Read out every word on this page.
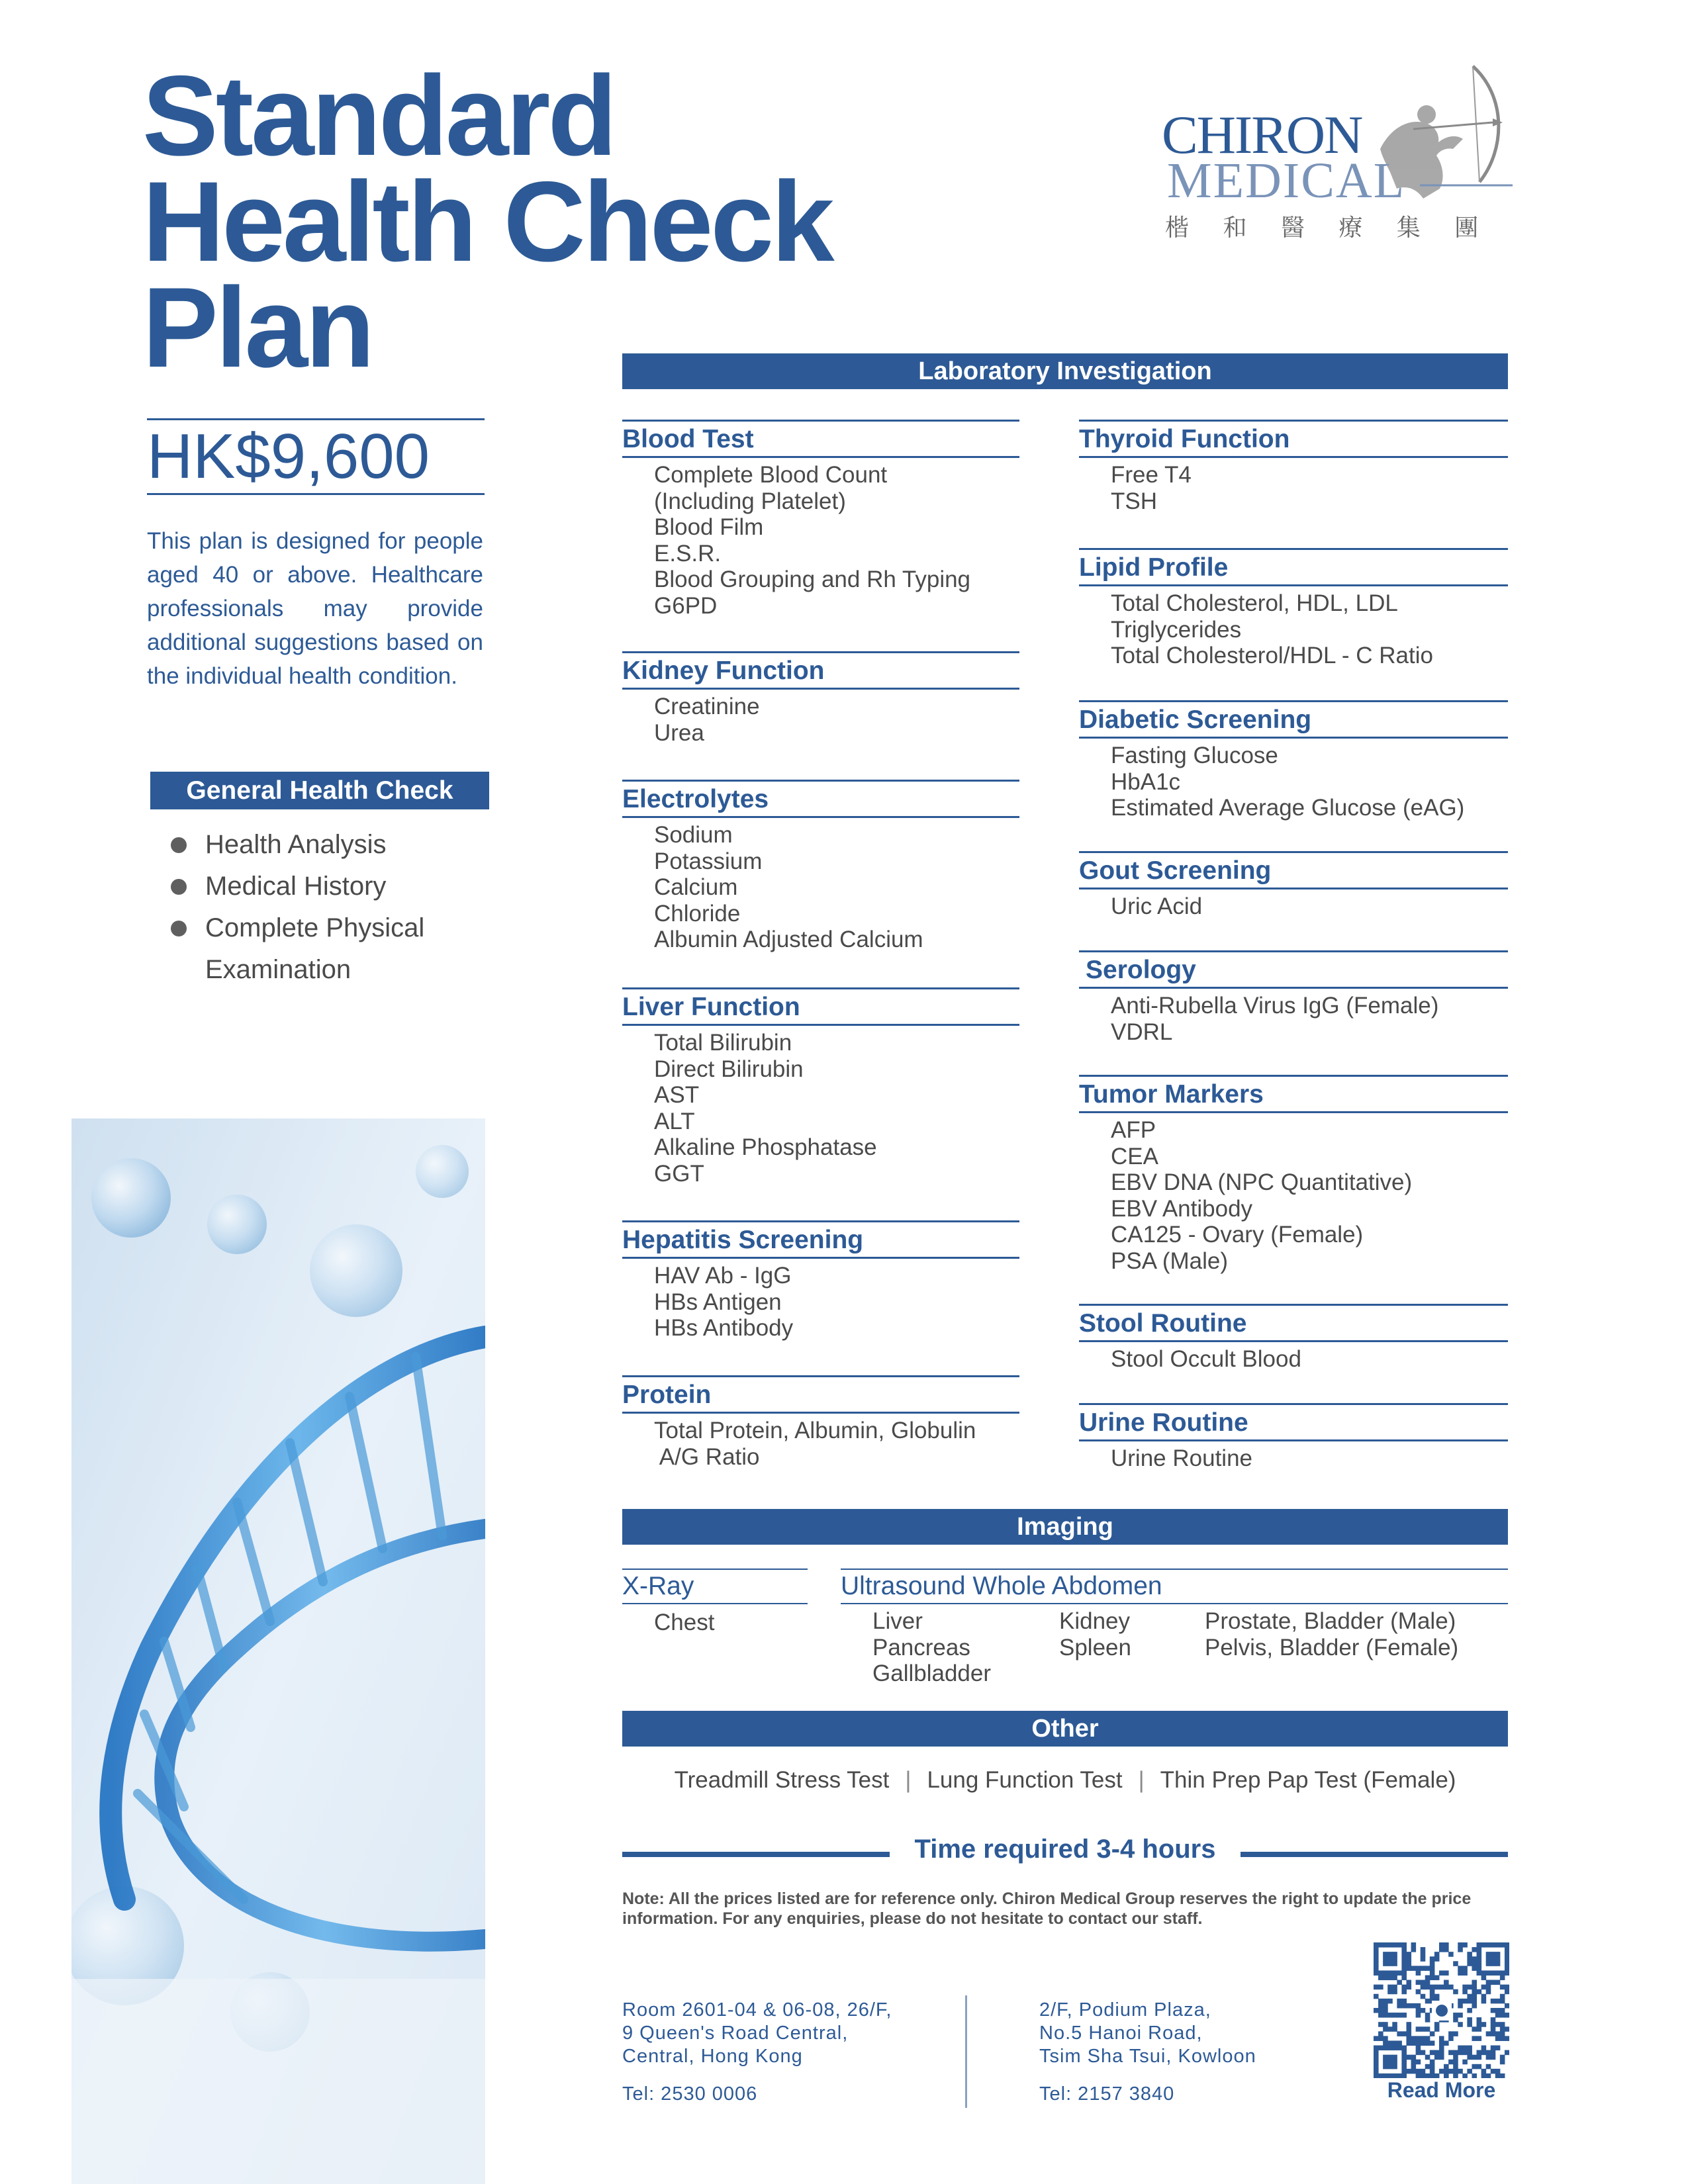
Standard
Health Check
Plan
CHIRON
MEDICAL
楷 和 醫 療 集 團
HK$9,600
This plan is designed for people aged 40 or above. Healthcare professionals may provide additional suggestions based on the individual health condition.
General Health Check
Health Analysis
Medical History
Complete Physical
Examination
Laboratory Investigation
Blood Test
Complete Blood Count
(Including Platelet)
Blood Film
E.S.R.
Blood Grouping and Rh Typing
G6PD
Kidney Function
Creatinine
Urea
Electrolytes
Sodium
Potassium
Calcium
Chloride
Albumin Adjusted Calcium
Liver Function
Total Bilirubin
Direct Bilirubin
AST
ALT
Alkaline Phosphatase
GGT
Hepatitis Screening
HAV Ab - IgG
HBs Antigen
HBs Antibody
Protein
Total Protein, Albumin, Globulin
A/G Ratio
Thyroid Function
Free T4
TSH
Lipid Profile
Total Cholesterol, HDL, LDL
Triglycerides
Total Cholesterol/HDL - C Ratio
Diabetic Screening
Fasting Glucose
HbA1c
Estimated Average Glucose (eAG)
Gout Screening
Uric Acid
Serology
Anti-Rubella Virus IgG (Female)
VDRL
Tumor Markers
AFP
CEA
EBV DNA (NPC Quantitative)
EBV Antibody
CA125 - Ovary (Female)
PSA (Male)
Stool Routine
Stool Occult Blood
Urine Routine
Urine Routine
Imaging
X-Ray
Chest
Ultrasound Whole Abdomen
Liver
Pancreas
Gallbladder
Kidney
Spleen
Prostate, Bladder (Male)
Pelvis, Bladder (Female)
Other
Treadmill Stress Test | Lung Function Test | Thin Prep Pap Test (Female)
Time required 3-4 hours
Note: All the prices listed are for reference only. Chiron Medical Group reserves the right to update the price information. For any enquiries, please do not hesitate to contact our staff.
Room 2601-04 & 06-08, 26/F,
9 Queen's Road Central,
Central, Hong Kong
Tel: 2530 0006
2/F, Podium Plaza,
No.5 Hanoi Road,
Tsim Sha Tsui, Kowloon
Tel: 2157 3840	Read More
